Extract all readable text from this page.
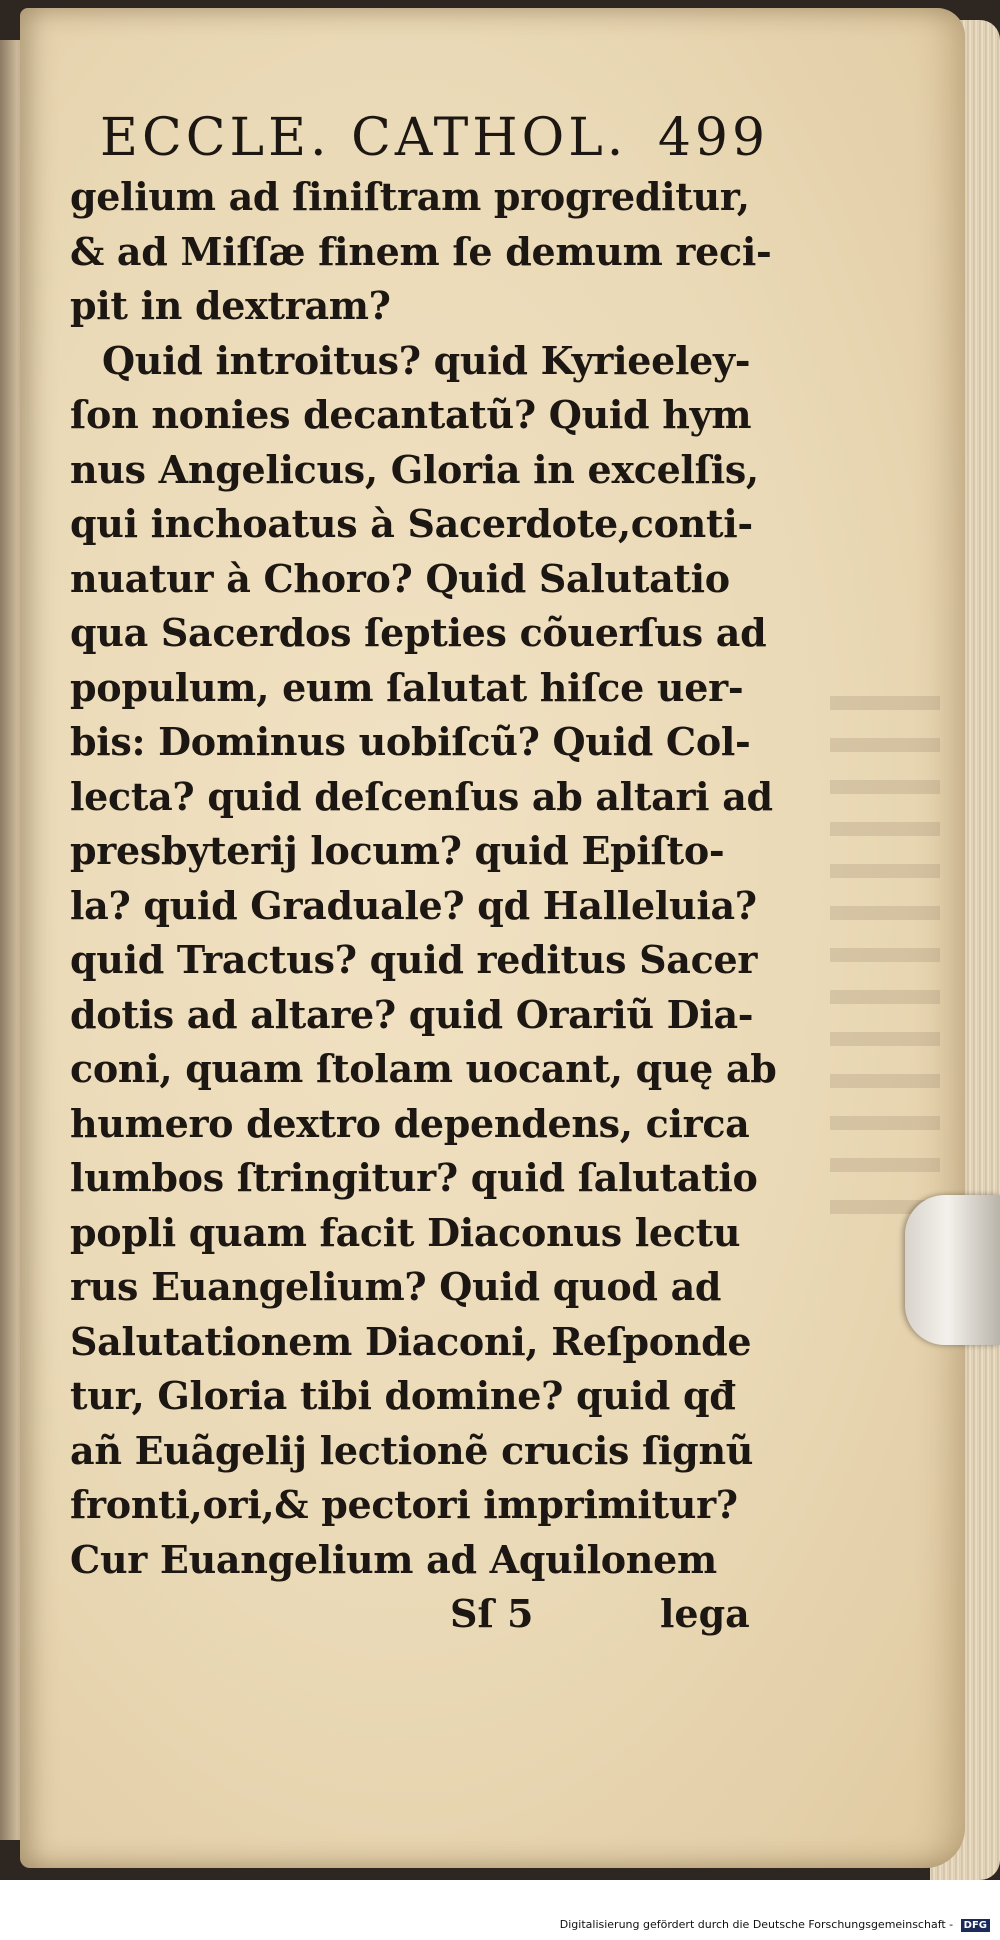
ECCLE. CATHOL. 499
gelium ad ſiniſtram progreditur,
& ad Miſſæ finem ſe demum reci-
pit in dextram?
Quid introitus? quid Kyrieeley-
ſon nonies decantatũ? Quid hym
nus Angelicus, Gloria in excelſis,
qui inchoatus à Sacerdote,conti-
nuatur à Choro? Quid Salutatio
qua Sacerdos ſepties cõuerſus ad
populum, eum ſalutat hiſce uer-
bis: Dominus uobiſcũ? Quid Col-
lecta? quid deſcenſus ab altari ad
presbyterij locum? quid Epiſto-
la? quid Graduale? qd Halleluia?
quid Tractus? quid reditus Sacer
dotis ad altare? quid Orariũ Dia-
coni, quam ſtolam uocant, quę ab
humero dextro dependens, circa
lumbos ſtringitur? quid ſalutatio
popli quam facit Diaconus lectu
rus Euangelium? Quid quod ad
Salutationem Diaconi, Reſponde
tur, Gloria tibi domine? quid qđ
añ Euãgelij lectionẽ crucis ſignũ
fronti,ori,& pectori imprimitur?
Cur Euangelium ad Aquilonem
Sſ 5	lega
Digitalisierung gefördert durch die Deutsche Forschungsgemeinschaft - DFG
